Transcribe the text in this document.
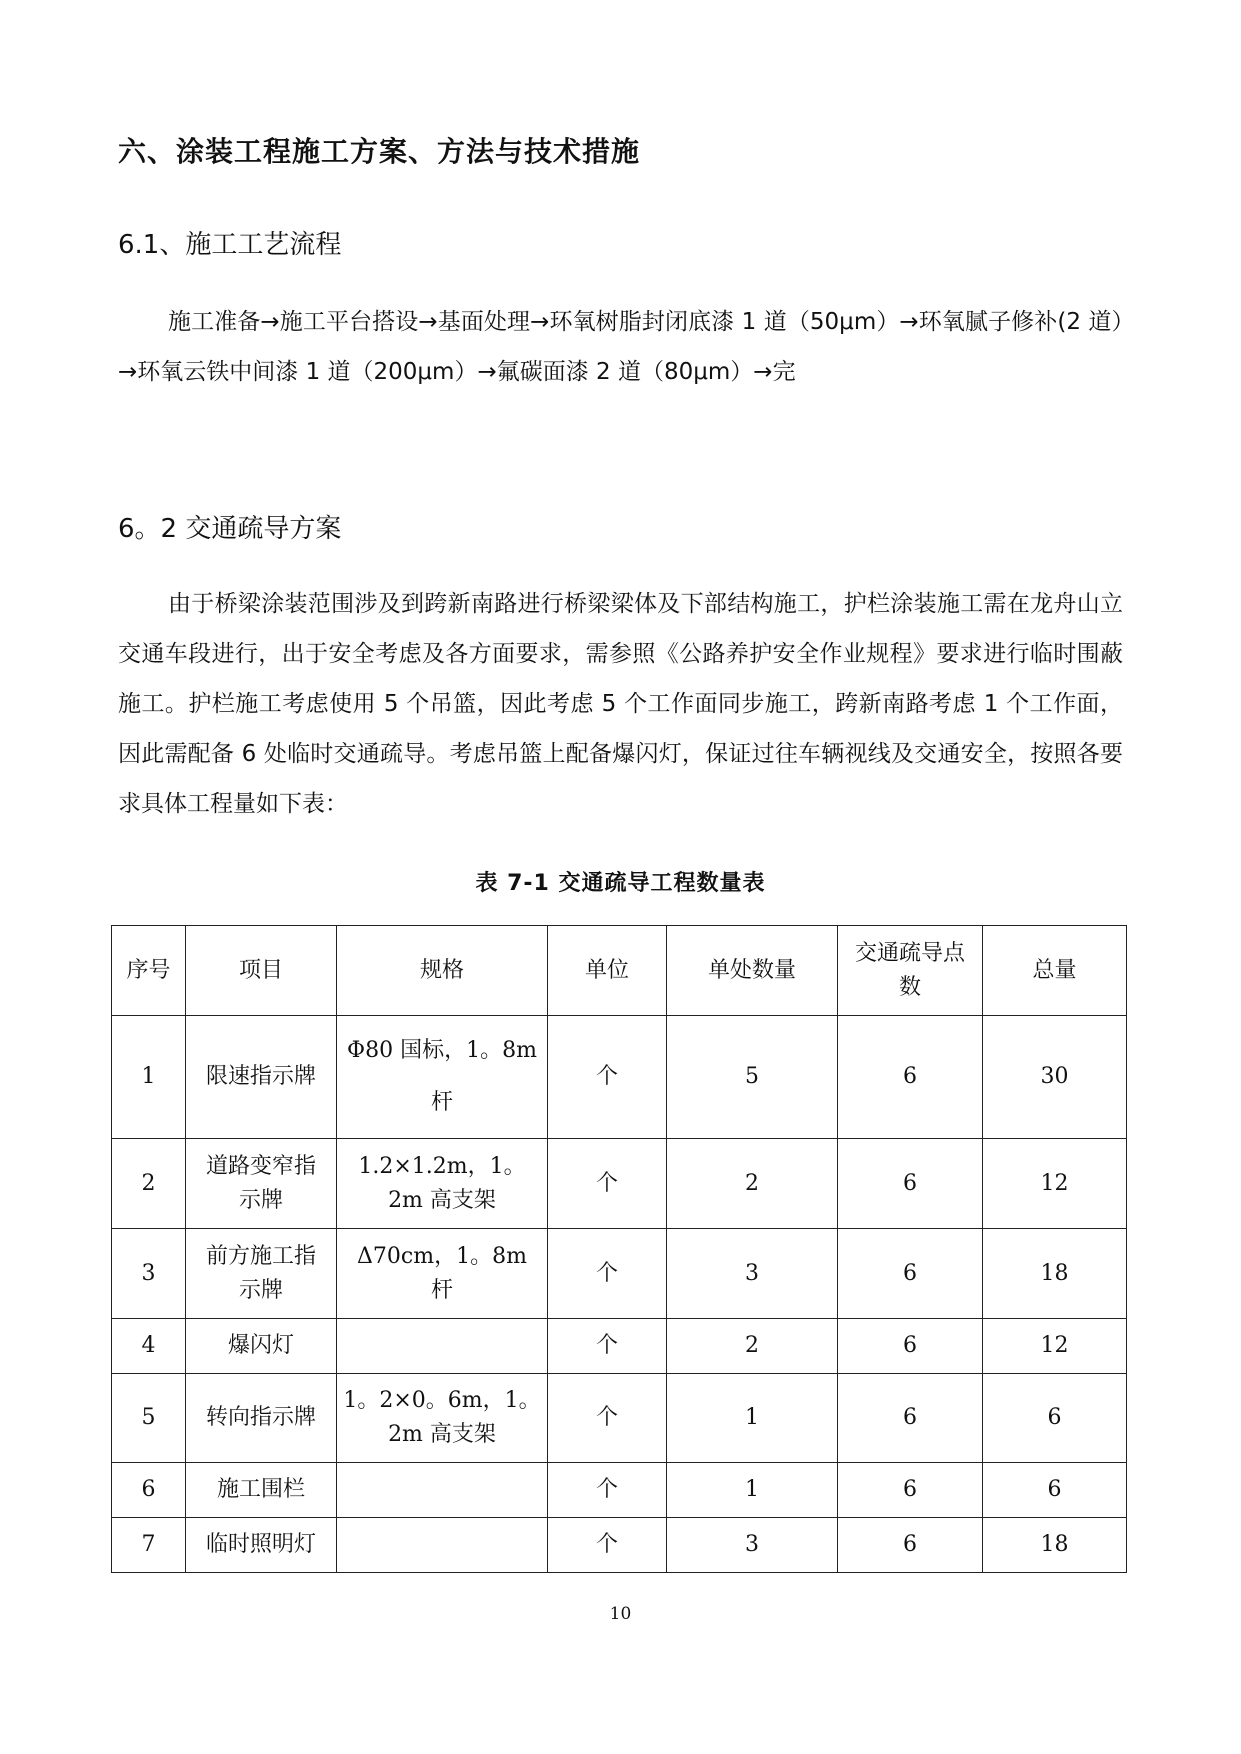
六、涂装工程施工方案、方法与技术措施
6.1、施工工艺流程
施工准备→施工平台搭设→基面处理→环氧树脂封闭底漆 1 道（50μm）→环氧腻子修补(2 道）→环氧云铁中间漆 1 道（200μm）→氟碳面漆 2 道（80μm）→完
6。2 交通疏导方案
由于桥梁涂装范围涉及到跨新南路进行桥梁梁体及下部结构施工，护栏涂装施工需在龙舟山立交通车段进行，出于安全考虑及各方面要求，需参照《公路养护安全作业规程》要求进行临时围蔽施工。护栏施工考虑使用 5 个吊篮，因此考虑 5 个工作面同步施工，跨新南路考虑 1 个工作面，因此需配备 6 处临时交通疏导。考虑吊篮上配备爆闪灯，保证过往车辆视线及交通安全，按照各要求具体工程量如下表：
表 7-1 交通疏导工程数量表
序号	项目	规格	单位	单处数量	交通疏导点数	总量
1	限速指示牌	Φ80 国标，1。8m 杆	个	5	6	30
2	道路变窄指示牌	1.2×1.2m，1。2m 高支架	个	2	6	12
3	前方施工指示牌	Δ70cm，1。8m 杆	个	3	6	18
4	爆闪灯		个	2	6	12
5	转向指示牌	1。2×0。6m，1。2m 高支架	个	1	6	6
6	施工围栏		个	1	6	6
7	临时照明灯		个	3	6	18
10
